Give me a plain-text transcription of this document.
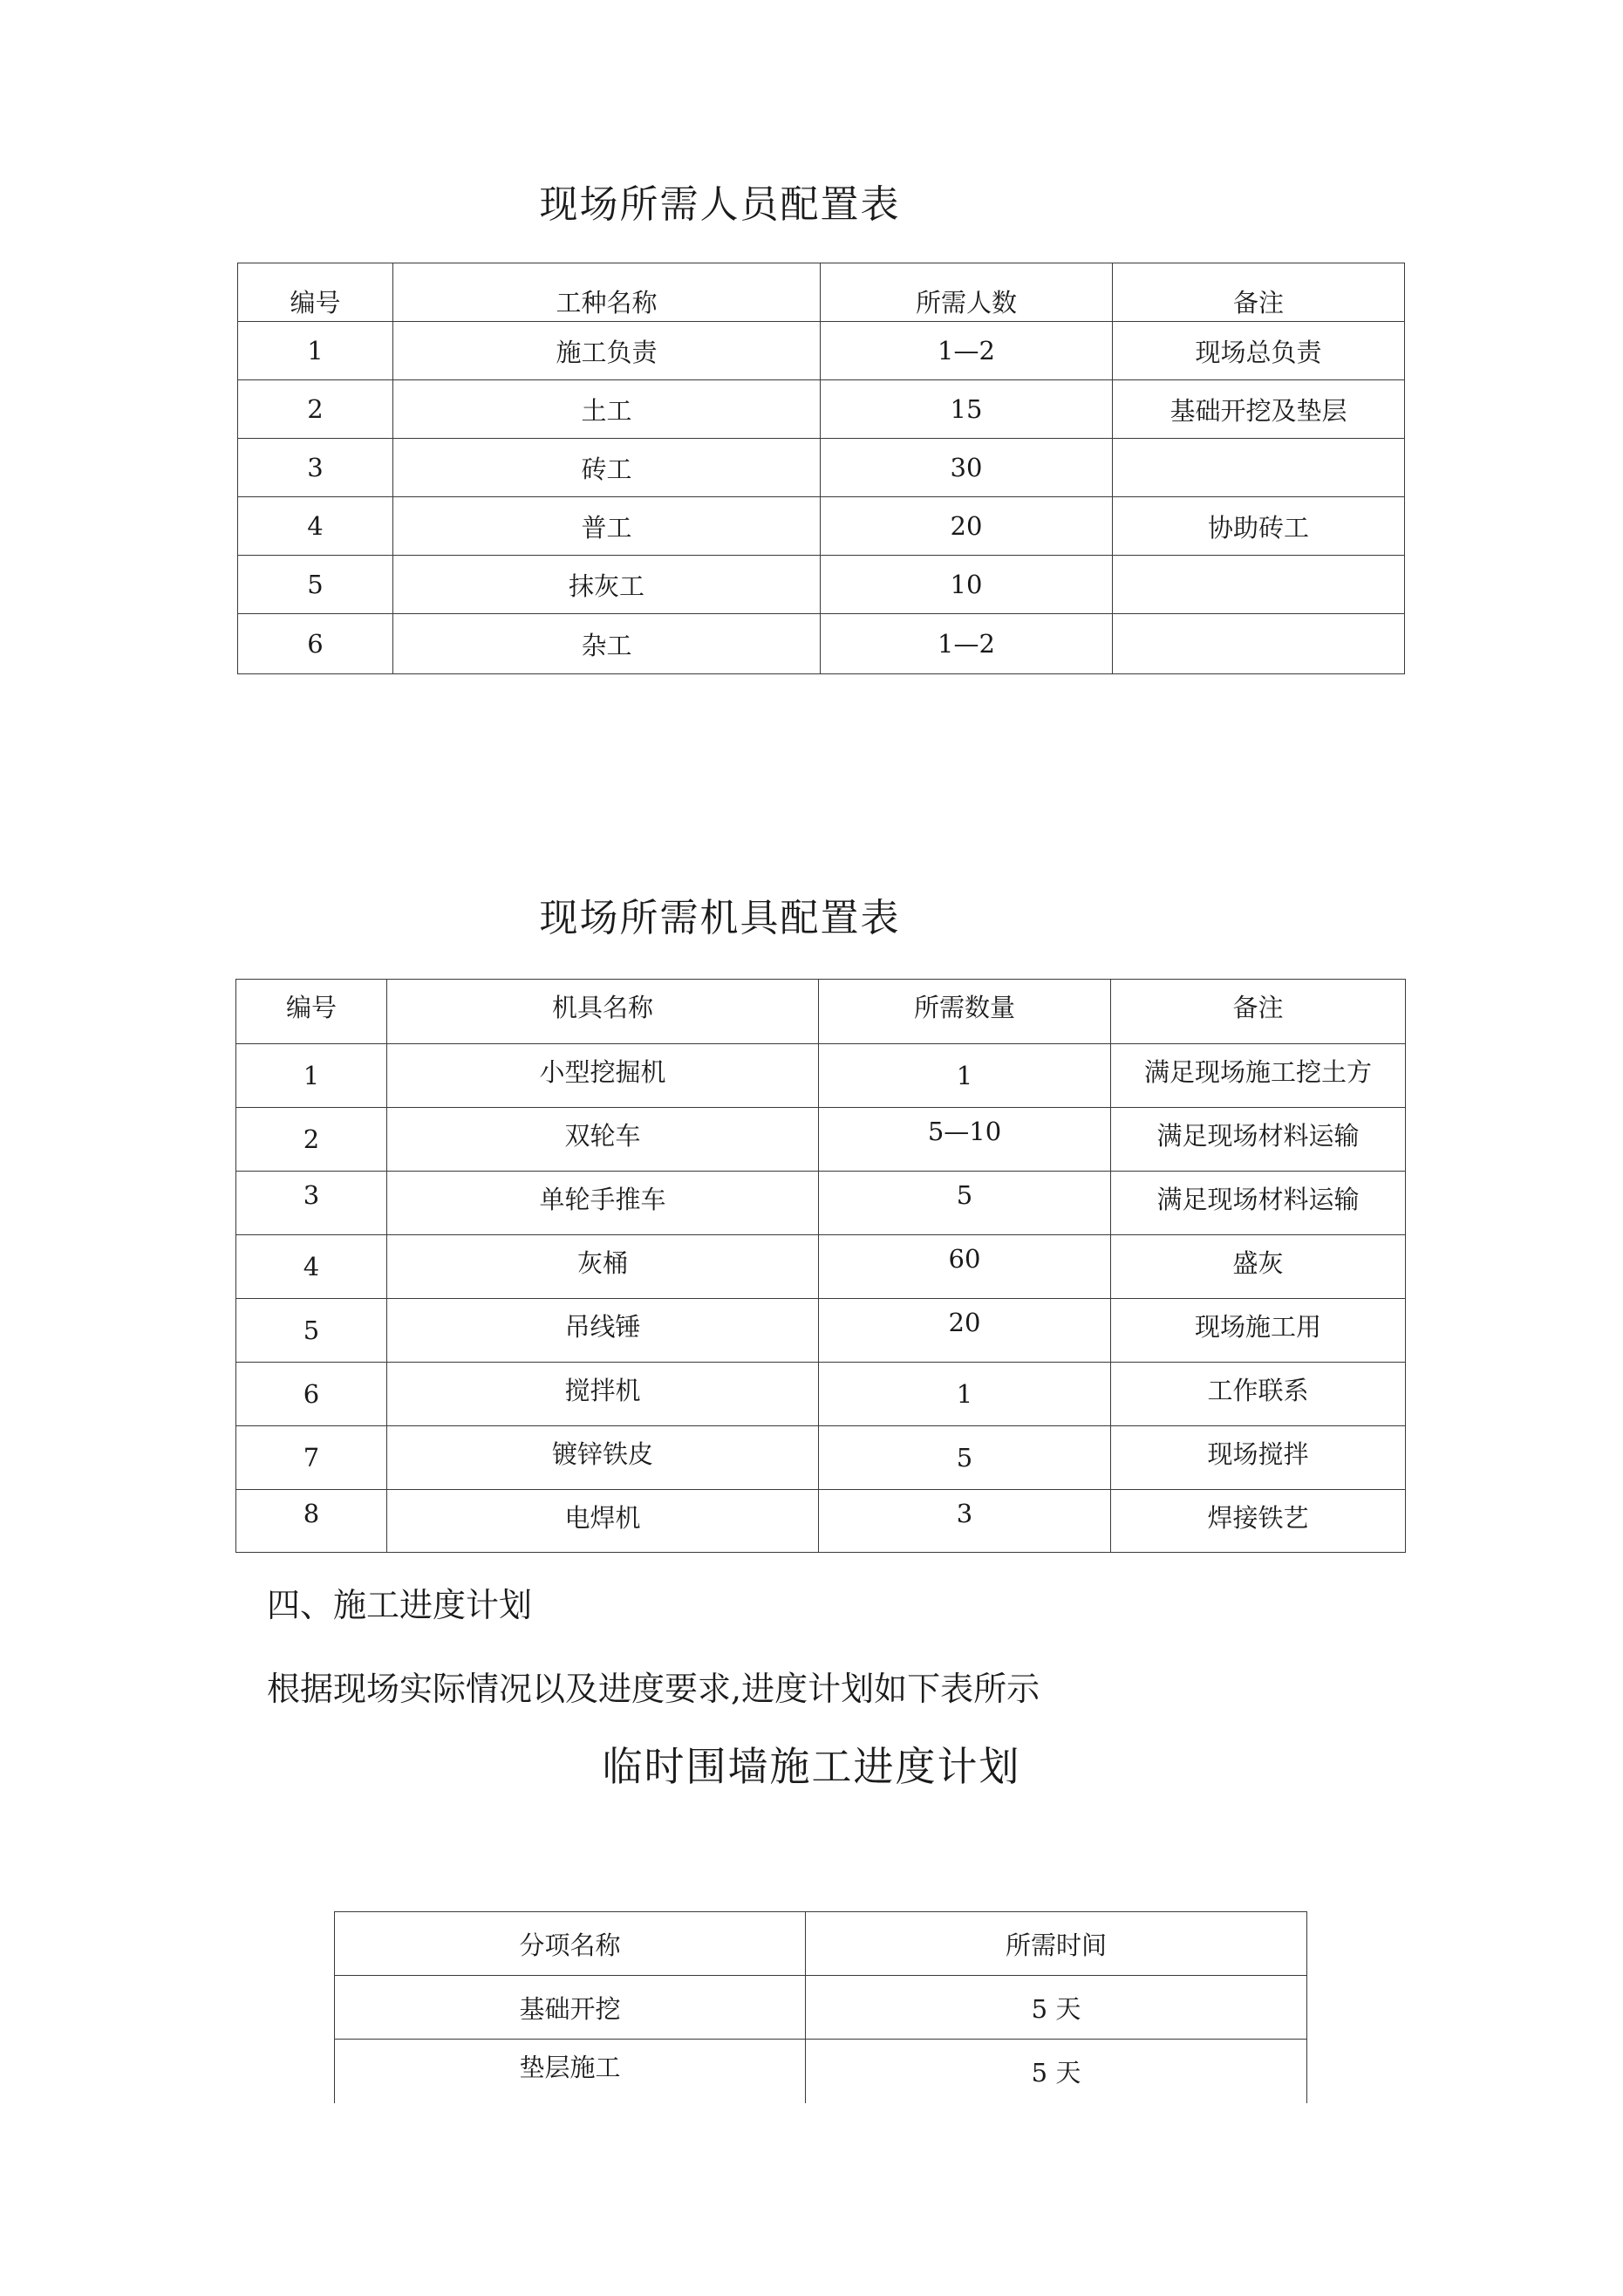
现场所需人员配置表
编号	工种名称	所需人数	备注
1	施工负责	1—2	现场总负责
2	土工	15	基础开挖及垫层
3	砖工	30	
4	普工	20	协助砖工
5	抹灰工	10	
6	杂工	1—2	
现场所需机具配置表
编号	机具名称	所需数量	备注
1	小型挖掘机	1	满足现场施工挖土方
2	双轮车	5—10	满足现场材料运输
3	单轮手推车	5	满足现场材料运输
4	灰桶	60	盛灰
5	吊线锤	20	现场施工用
6	搅拌机	1	工作联系
7	镀锌铁皮	5	现场搅拌
8	电焊机	3	焊接铁艺
四、施工进度计划
根据现场实际情况以及进度要求,进度计划如下表所示
临时围墙施工进度计划
分项名称	所需时间
基础开挖	5 天
垫层施工	5 天
